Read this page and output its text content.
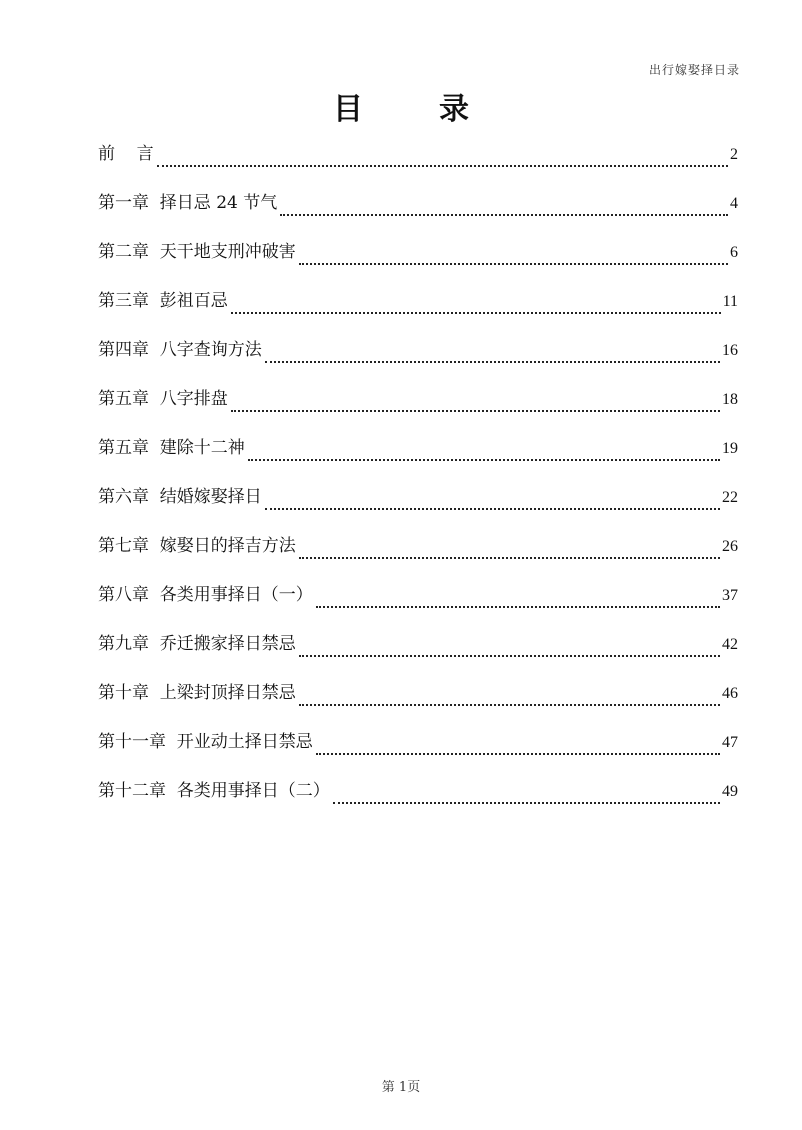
出行嫁娶择日录
目录
前    言	2
第一章  择日忌 24 节气	4
第二章  天干地支刑冲破害	6
第三章  彭祖百忌	11
第四章  八字查询方法	16
第五章  八字排盘	18
第五章  建除十二神	19
第六章  结婚嫁娶择日	22
第七章  嫁娶日的择吉方法	26
第八章  各类用事择日（一）	37
第九章  乔迁搬家择日禁忌	42
第十章  上梁封顶择日禁忌	46
第十一章  开业动土择日禁忌	47
第十二章  各类用事择日（二）	49
第 1页
